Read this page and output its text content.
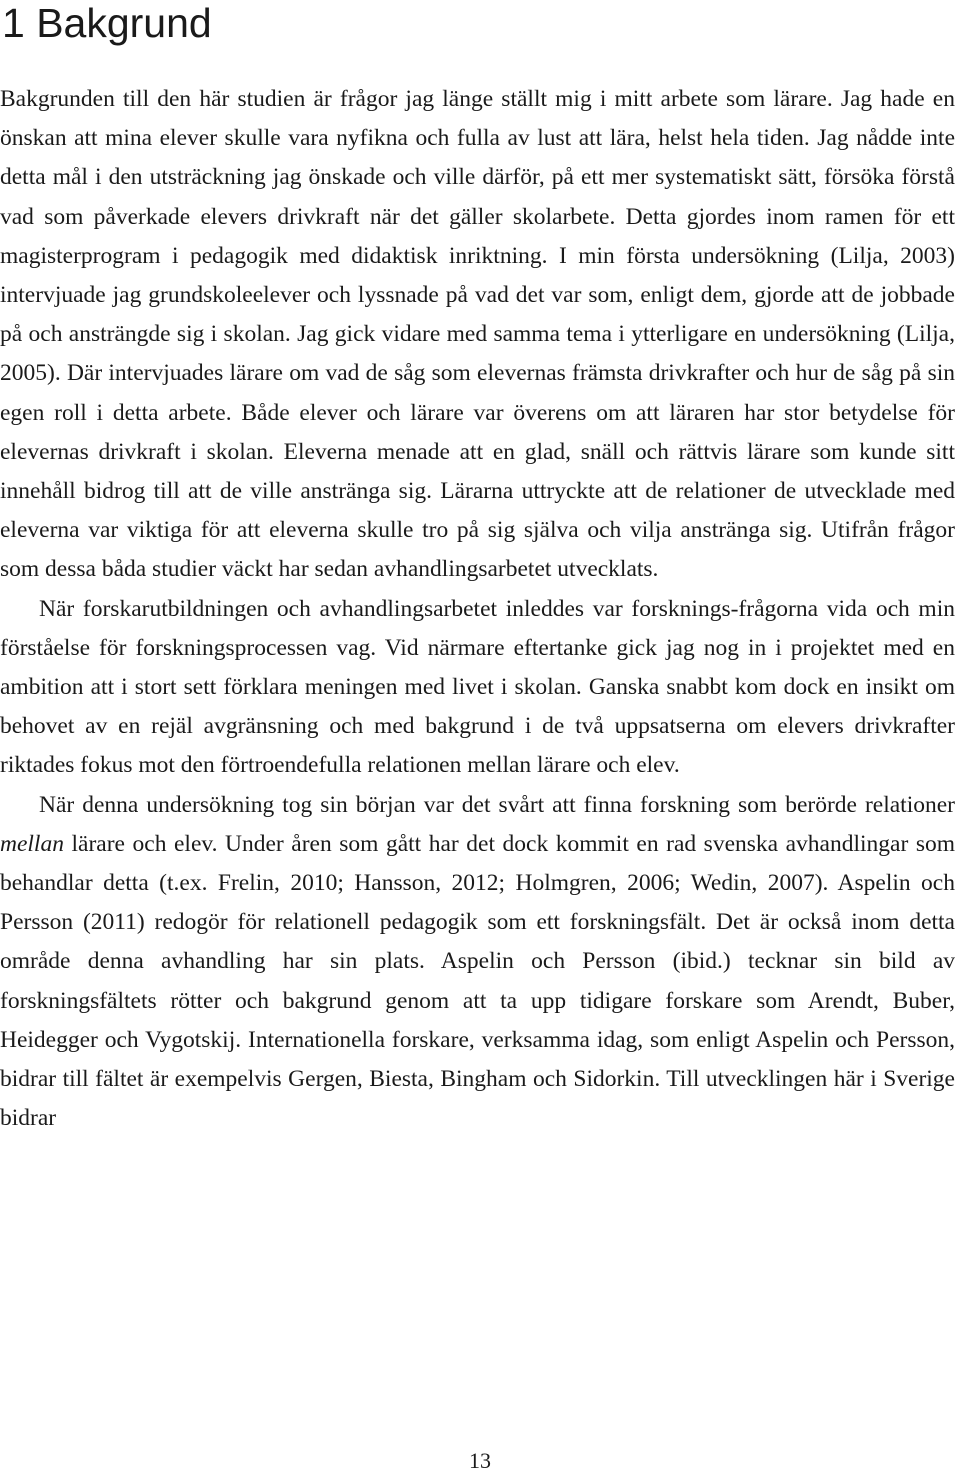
1 Bakgrund

Bakgrunden till den här studien är frågor jag länge ställt mig i mitt arbete som lärare. Jag hade en önskan att mina elever skulle vara nyfikna och fulla av lust att lära, helst hela tiden. Jag nådde inte detta mål i den utsträckning jag önskade och ville därför, på ett mer systematiskt sätt, försöka förstå vad som påverkade elevers drivkraft när det gäller skolarbete. Detta gjordes inom ramen för ett magisterprogram i pedagogik med didaktisk inriktning. I min första undersökning (Lilja, 2003) intervjuade jag grundskoleelever och lyssnade på vad det var som, enligt dem, gjorde att de jobbade på och ansträngde sig i skolan. Jag gick vidare med samma tema i ytterligare en undersökning (Lilja, 2005). Där intervjuades lärare om vad de såg som elevernas främsta drivkrafter och hur de såg på sin egen roll i detta arbete. Både elever och lärare var överens om att läraren har stor betydelse för elevernas drivkraft i skolan. Eleverna menade att en glad, snäll och rättvis lärare som kunde sitt innehåll bidrog till att de ville anstränga sig. Lärarna uttryckte att de relationer de utvecklade med eleverna var viktiga för att eleverna skulle tro på sig själva och vilja anstränga sig. Utifrån frågor som dessa båda studier väckt har sedan avhandlingsarbetet utvecklats.

När forskarutbildningen och avhandlingsarbetet inleddes var forsknings-frågorna vida och min förståelse för forskningsprocessen vag. Vid närmare eftertanke gick jag nog in i projektet med en ambition att i stort sett förklara meningen med livet i skolan. Ganska snabbt kom dock en insikt om behovet av en rejäl avgränsning och med bakgrund i de två uppsatserna om elevers drivkrafter riktades fokus mot den förtroendefulla relationen mellan lärare och elev.

När denna undersökning tog sin början var det svårt att finna forskning som berörde relationer mellan lärare och elev. Under åren som gått har det dock kommit en rad svenska avhandlingar som behandlar detta (t.ex. Frelin, 2010; Hansson, 2012; Holmgren, 2006; Wedin, 2007). Aspelin och Persson (2011) redogör för relationell pedagogik som ett forskningsfält. Det är också inom detta område denna avhandling har sin plats. Aspelin och Persson (ibid.) tecknar sin bild av forskningsfältets rötter och bakgrund genom att ta upp tidigare forskare som Arendt, Buber, Heidegger och Vygotskij. Internationella forskare, verksamma idag, som enligt Aspelin och Persson, bidrar till fältet är exempelvis Gergen, Biesta, Bingham och Sidorkin. Till utvecklingen här i Sverige bidrar

13
